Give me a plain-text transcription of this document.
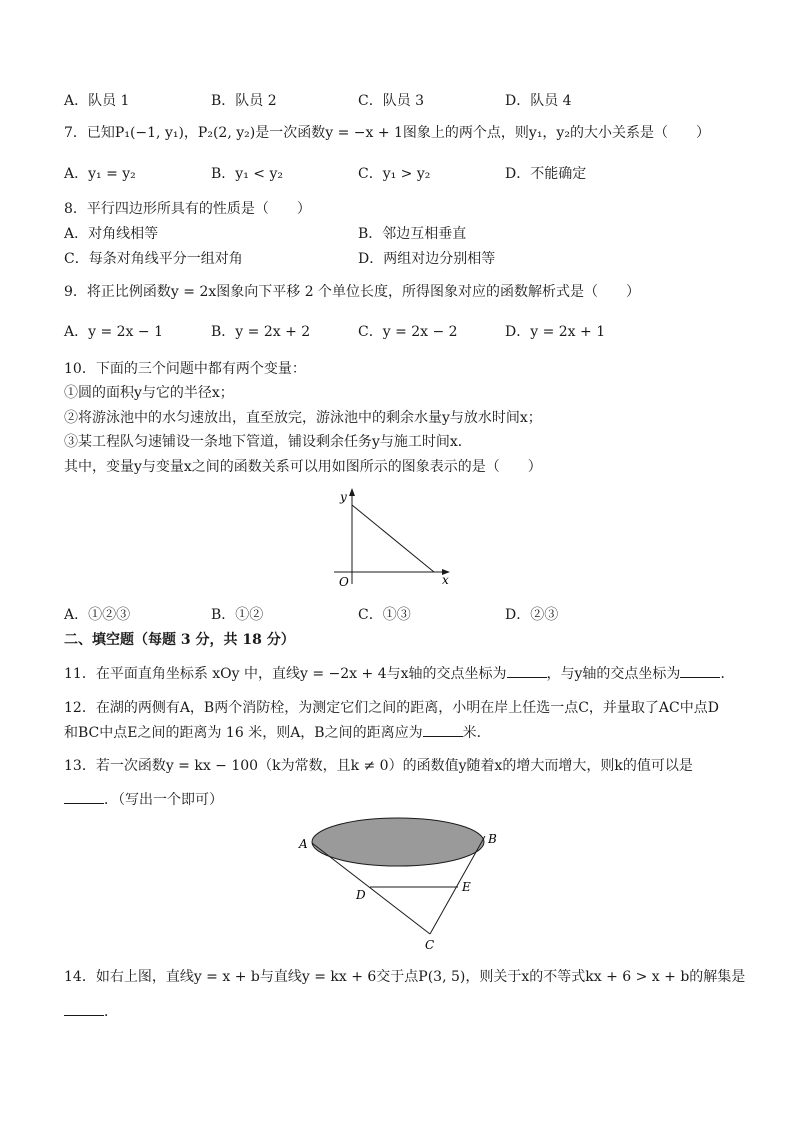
A．队员 1	B．队员 2	C．队员 3	D．队员 4
7．已知P₁(−1, y₁)，P₂(2, y₂)是一次函数y = −x + 1图象上的两个点，则y₁，y₂的大小关系是（　　）
A．y₁ = y₂	B．y₁ < y₂	C．y₁ > y₂	D．不能确定
8．平行四边形所具有的性质是（　　）
A．对角线相等	B．邻边互相垂直
C．每条对角线平分一组对角	D．两组对边分别相等
9．将正比例函数y = 2x图象向下平移 2 个单位长度，所得图象对应的函数解析式是（　　）
A．y = 2x − 1	B．y = 2x + 2	C．y = 2x − 2	D．y = 2x + 1
10．下面的三个问题中都有两个变量：
①圆的面积y与它的半径x；
②将游泳池中的水匀速放出，直至放完，游泳池中的剩余水量y与放水时间x；
③某工程队匀速铺设一条地下管道，铺设剩余任务y与施工时间x．
其中，变量y与变量x之间的函数关系可以用如图所示的图象表示的是（　　）
y
x
O
A．①②③	B．①②	C．①③	D．②③
二、填空题（每题 3 分，共 18 分）
11．在平面直角坐标系 xOy 中，直线y = −2x + 4与x轴的交点坐标为	，与y轴的交点坐标为	．
12．在湖的两侧有A，B两个消防栓，为测定它们之间的距离，小明在岸上任选一点C，并量取了AC中点D
和BC中点E之间的距离为 16 米，则A，B之间的距离应为	米．
13．若一次函数y = kx − 100（k为常数，且k ≠ 0）的函数值y随着x的增大而增大，则k的值可以是
．（写出一个即可）
A	B
D
E
C
14．如右上图，直线y = x + b与直线y = kx + 6交于点P(3, 5)，则关于x的不等式kx + 6 > x + b的解集是
．
